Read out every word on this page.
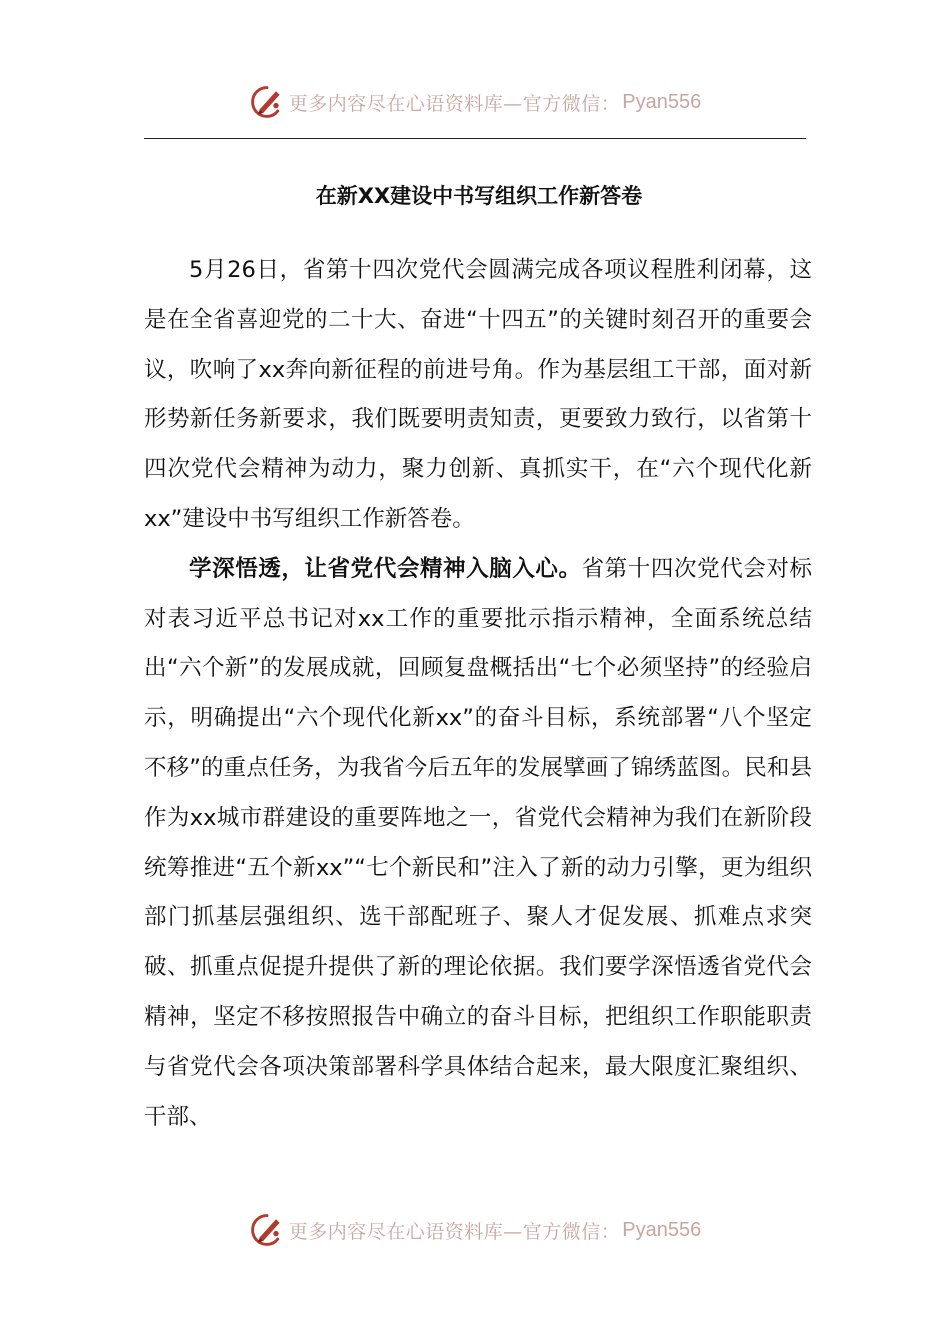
更多内容尽在心语资料库—官方微信： Pyan556
在新XX建设中书写组织工作新答卷

5月26日，省第十四次党代会圆满完成各项议程胜利闭幕，这是在全省喜迎党的二十大、奋进“十四五”的关键时刻召开的重要会议，吹响了xx奔向新征程的前进号角。作为基层组工干部，面对新形势新任务新要求，我们既要明责知责，更要致力致行，以省第十四次党代会精神为动力，聚力创新、真抓实干，在“六个现代化新xx”建设中书写组织工作新答卷。

学深悟透，让省党代会精神入脑入心。省第十四次党代会对标对表习近平总书记对xx工作的重要批示指示精神，全面系统总结出“六个新”的发展成就，回顾复盘概括出“七个必须坚持”的经验启示，明确提出“六个现代化新xx”的奋斗目标，系统部署“八个坚定不移”的重点任务，为我省今后五年的发展擘画了锦绣蓝图。民和县作为xx城市群建设的重要阵地之一，省党代会精神为我们在新阶段统筹推进“五个新xx”“七个新民和”注入了新的动力引擎，更为组织部门抓基层强组织、选干部配班子、聚人才促发展、抓难点求突破、抓重点促提升提供了新的理论依据。我们要学深悟透省党代会精神，坚定不移按照报告中确立的奋斗目标，把组织工作职能职责与省党代会各项决策部署科学具体结合起来，最大限度汇聚组织、干部、

更多内容尽在心语资料库—官方微信： Pyan556
